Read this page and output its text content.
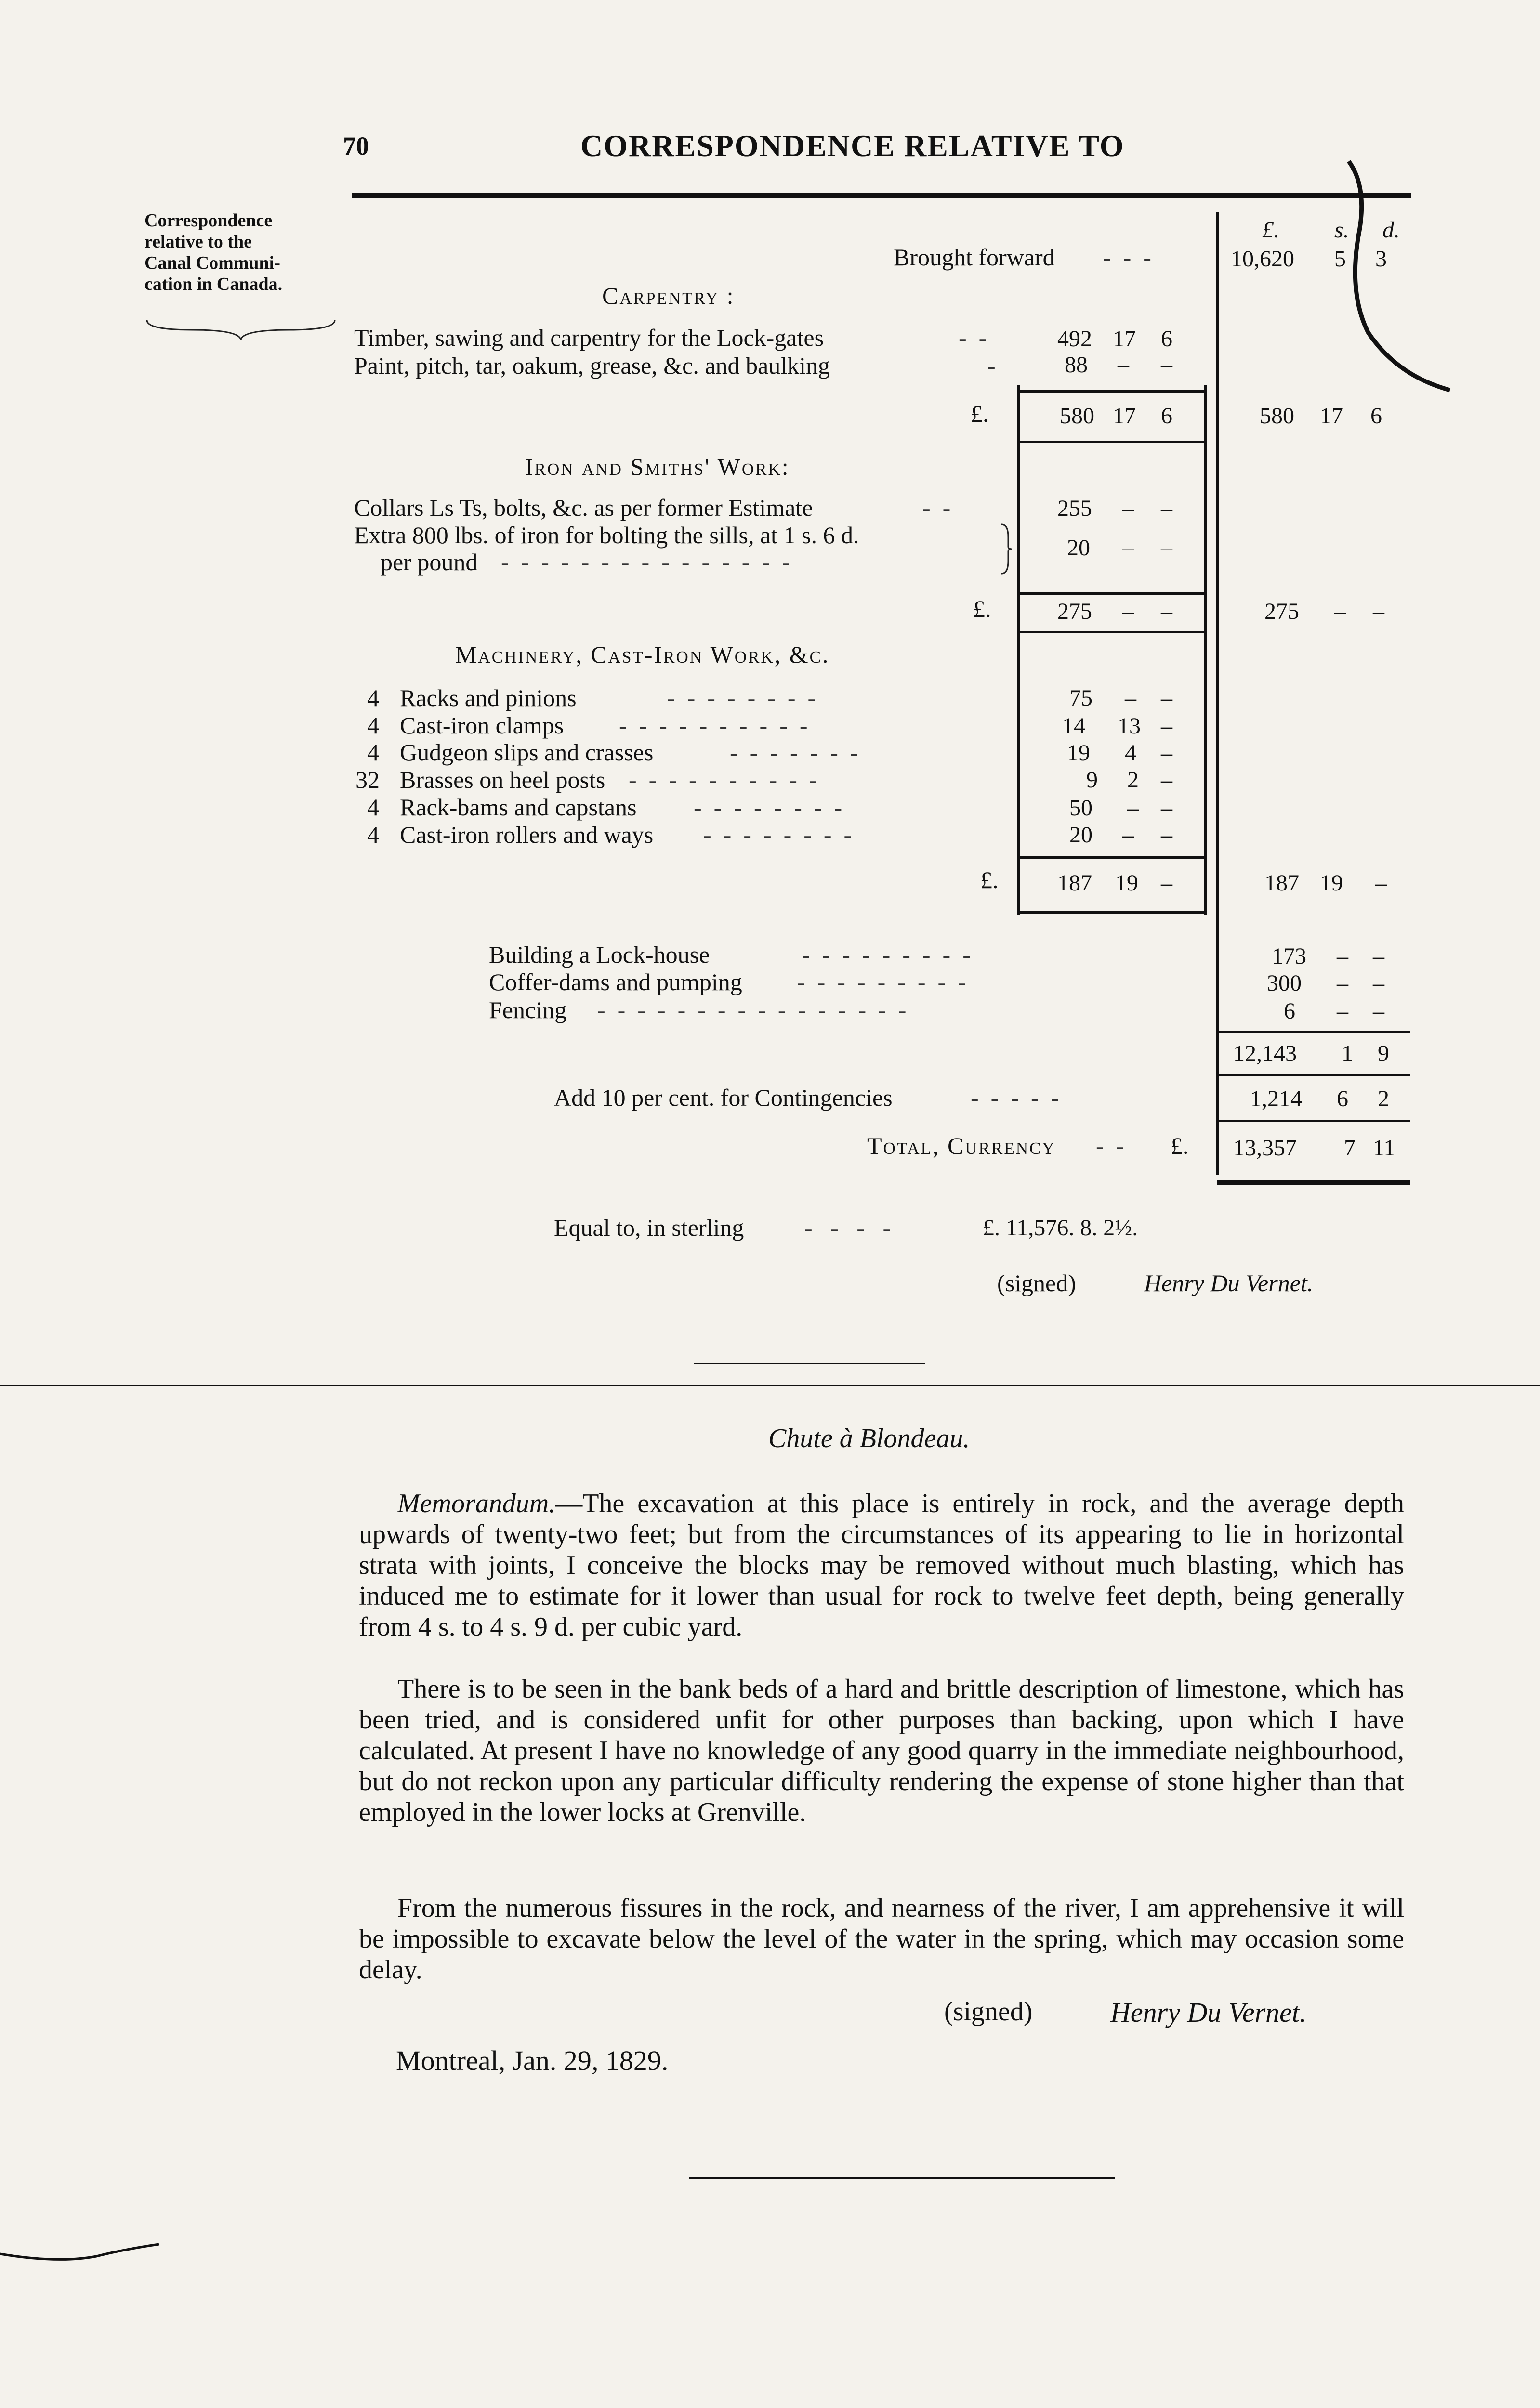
70	CORRESPONDENCE RELATIVE TO
Correspondence
relative to the
Canal Communi-
cation in Canada.
£. s. d.
Brought forward -  -  -	10,620 5 3
Carpentry :
Timber, sawing and carpentry for the Lock-gates	-  -	492 17 6
Paint, pitch, tar, oakum, grease, &c. and baulking	-	88 – –
£.	580 17 6	580 17 6
Iron and Smiths' Work:
Collars Ls Ts, bolts, &c. as per former Estimate	-  -	255 – –
Extra 800 lbs. of iron for bolting the sills, at 1 s. 6 d.
per pound -  -  -  -  -  -  -  -  -  -  -  -  -  -  -
20 – –
£.	275 – –	275 – –
Machinery, Cast-Iron Work, &c.
4 Racks and pinions	-  -  -  -  -  -  -  -	75 – –
4 Cast-iron clamps -  -  -  -  -  -  -  -  -  -	14 13 –
4 Gudgeon slips and crasses	-  -  -  -  -  -  -	19 4 –
32 Brasses on heel posts -  -  -  -  -  -  -  -  -  -	9 2 –
4 Rack-bams and capstans -  -  -  -  -  -  -  -	50 – –
4 Cast-iron rollers and ways -  -  -  -  -  -  -  -	20 – –
£.	187 19 –	187 19 –
Building a Lock-house	-  -  -  -  -  -  -  -  -	173 – –
Coffer-dams and pumping -  -  -  -  -  -  -  -  -	300 – –
Fencing -  -  -  -  -  -  -  -  -  -  -  -  -  -  -  -	6 – –
12,143 1 9
Add 10 per cent. for Contingencies	-  -  -  -  -	1,214 6 2
Total, Currency -  - £. 13,357 7 11
Equal to, in sterling	-   -   -   -	£. 11,576. 8. 2½.
(signed)	Henry Du Vernet.
Chute à Blondeau.
Memorandum.—The excavation at this place is entirely in rock, and the average depth upwards of twenty-two feet; but from the circumstances of its appearing to lie in horizontal strata with joints, I conceive the blocks may be removed without much blasting, which has induced me to estimate for it lower than usual for rock to twelve feet depth, being generally from 4 s. to 4 s. 9 d. per cubic yard.
There is to be seen in the bank beds of a hard and brittle description of limestone, which has been tried, and is considered unfit for other purposes than backing, upon which I have calculated. At present I have no knowledge of any good quarry in the immediate neighbourhood, but do not reckon upon any particular difficulty rendering the expense of stone higher than that employed in the lower locks at Grenville.
From the numerous fissures in the rock, and nearness of the river, I am apprehensive it will be impossible to excavate below the level of the water in the spring, which may occasion some delay.
(signed)	Henry Du Vernet.
Montreal, Jan. 29, 1829.
